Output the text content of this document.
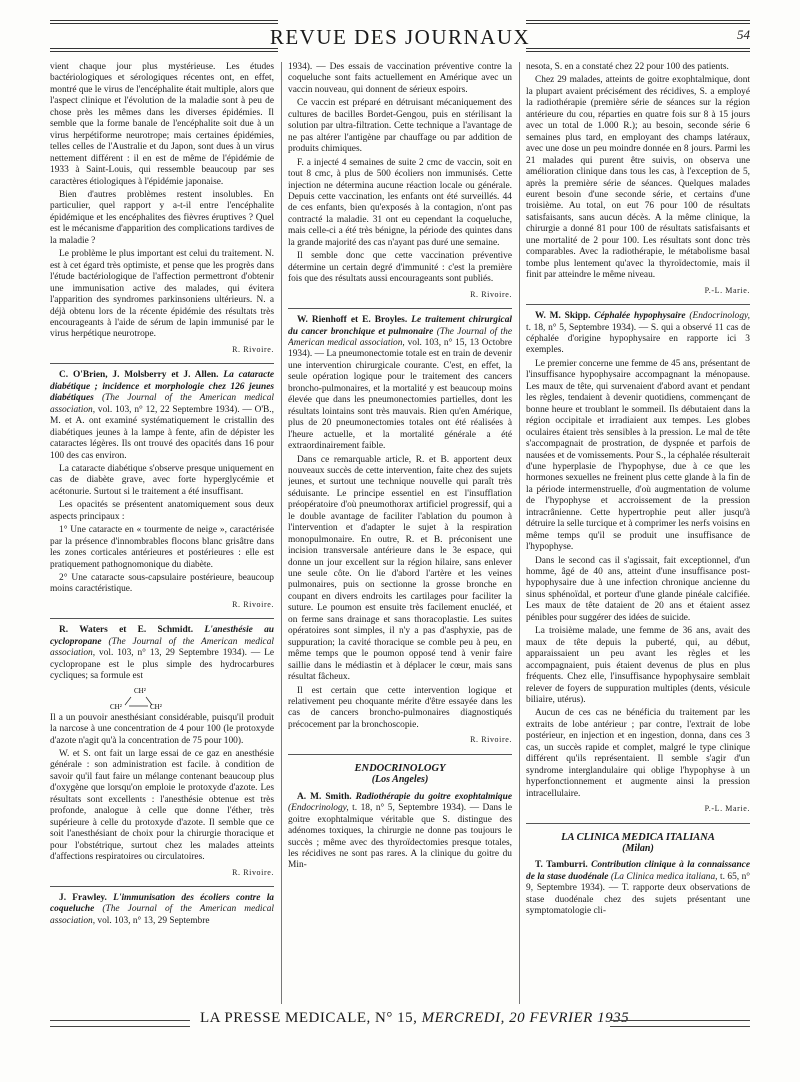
REVUE DES JOURNAUX	54

vient chaque jour plus mystérieuse. Les études bactériologiques et sérologiques récentes ont, en effet, montré que le virus de l'encéphalite était multiple, alors que l'aspect clinique et l'évolution de la maladie sont à peu de chose près les mêmes dans les diverses épidémies. Il semble que la forme banale de l'encéphalite soit due à un virus herpétiforme neurotrope; mais certaines épidémies, telles celles de l'Australie et du Japon, sont dues à un virus nettement différent : il en est de même de l'épidémie de 1933 à Saint-Louis, qui ressemble beaucoup par ses caractères étiologiques à l'épidémie japonaise.

Bien d'autres problèmes restent insolubles. En particulier, quel rapport y a-t-il entre l'encéphalite épidémique et les encéphalites des fièvres éruptives ? Quel est le mécanisme d'apparition des complications tardives de la maladie ?

Le problème le plus important est celui du traitement. N. est à cet égard très optimiste, et pense que les progrès dans l'étude bactériologique de l'affection permettront d'obtenir une immunisation active des malades, qui évitera l'apparition des syndromes parkinsoniens ultérieurs. N. a déjà obtenu lors de la récente épidémie des résultats très encourageants à l'aide de sérum de lapin immunisé par le virus herpétique neurotrope.

R. Rivoire.

C. O'Brien, J. Molsberry et J. Allen. La cataracte diabétique ; incidence et morphologie chez 126 jeunes diabétiques (The Journal of the American medical association, vol. 103, n° 12, 22 Septembre 1934). — O'B., M. et A. ont examiné systématiquement le cristallin des diabétiques jeunes à la lampe à fente, afin de dépister les cataractes légères. Ils ont trouvé des opacités dans 16 pour 100 des cas environ.

La cataracte diabétique s'observe presque uniquement en cas de diabète grave, avec forte hyperglycémie et acétonurie. Surtout si le traitement a été insuffisant.

Les opacités se présentent anatomiquement sous deux aspects principaux :

1° Une cataracte en « tourmente de neige », caractérisée par la présence d'innombrables flocons blanc grisâtre dans les zones corticales antérieures et postérieures : elle est pratiquement pathognomonique du diabète.

2° Une cataracte sous-capsulaire postérieure, beaucoup moins caractéristique.

R. Rivoire.

R. Waters et E. Schmidt. L'anesthésie au cyclopropane (The Journal of the American medical association, vol. 103, n° 13, 29 Septembre 1934). — Le cyclopropane est le plus simple des hydrocarbures cycliques; sa formule est

CH²
CH²	CH²

Il a un pouvoir anesthésiant considérable, puisqu'il produit la narcose à une concentration de 4 pour 100 (le protoxyde d'azote n'agit qu'à la concentration de 75 pour 100).

W. et S. ont fait un large essai de ce gaz en anesthésie générale : son administration est facile. à condition de savoir qu'il faut faire un mélange contenant beaucoup plus d'oxygène que lorsqu'on emploie le protoxyde d'azote. Les résultats sont excellents : l'anesthésie obtenue est très profonde, analogue à celle que donne l'éther, très supérieure à celle du protoxyde d'azote. Il semble que ce soit l'anesthésiant de choix pour la chirurgie thoracique et pour l'obstétrique, surtout chez les malades atteints d'affections respiratoires ou circulatoires.

R. Rivoire.

J. Frawley. L'immunisation des écoliers contre la coqueluche (The Journal of the American medical association, vol. 103, n° 13, 29 Septembre

1934). — Des essais de vaccination préventive contre la coqueluche sont faits actuellement en Amérique avec un vaccin nouveau, qui donnent de sérieux espoirs.

Ce vaccin est préparé en détruisant mécaniquement des cultures de bacilles Bordet-Gengou, puis en stérilisant la solution par ultra-filtration. Cette technique a l'avantage de ne pas altérer l'antigène par chauffage ou par addition de produits chimiques.

F. a injecté 4 semaines de suite 2 cmc de vaccin, soit en tout 8 cmc, à plus de 500 écoliers non immunisés. Cette injection ne détermina aucune réaction locale ou générale. Depuis cette vaccination, les enfants ont été surveillés. 44 de ces enfants, bien qu'exposés à la contagion, n'ont pas contracté la maladie. 31 ont eu cependant la coqueluche, mais celle-ci a été très bénigne, la période des quintes dans la grande majorité des cas n'ayant pas duré une semaine.

Il semble donc que cette vaccination préventive détermine un certain degré d'immunité : c'est la première fois que des résultats aussi encourageants sont publiés.

R. Rivoire.

W. Rienhoff et E. Broyles. Le traitement chirurgical du cancer bronchique et pulmonaire (The Journal of the American medical association, vol. 103, n° 15, 13 Octobre 1934). — La pneumonectomie totale est en train de devenir une intervention chirurgicale courante. C'est, en effet, la seule opération logique pour le traitement des cancers broncho-pulmonaires, et la mortalité y est beaucoup moins élevée que dans les pneumonectomies partielles, dont les résultats lointains sont très mauvais. Rien qu'en Amérique, plus de 20 pneumonectomies totales ont été réalisées à l'heure actuelle, et la mortalité générale a été extraordinairement faible.

Dans ce remarquable article, R. et B. apportent deux nouveaux succès de cette intervention, faite chez des sujets jeunes, et surtout une technique nouvelle qui paraît très séduisante. Le principe essentiel en est l'insufflation préopératoire d'où pneumothorax artificiel progressif, qui a le double avantage de faciliter l'ablation du poumon à l'intervention et d'adapter le sujet à la respiration monopulmonaire. En outre, R. et B. préconisent une incision transversale antérieure dans le 3e espace, qui donne un jour excellent sur la région hilaire, sans enlever une seule côte. On lie d'abord l'artère et les veines pulmonaires, puis on sectionne la grosse bronche en coupant en divers endroits les cartilages pour faciliter la suture. Le poumon est ensuite très facilement enucléé, et on ferme sans drainage et sans thoracoplastie. Les suites opératoires sont simples, il n'y a pas d'asphyxie, pas de suppuration; la cavité thoracique se comble peu à peu, en même temps que le poumon opposé tend à venir faire saillie dans le médiastin et à déplacer le cœur, mais sans résultat fâcheux.

Il est certain que cette intervention logique et relativement peu choquante mérite d'être essayée dans les cas de cancers broncho-pulmonaires diagnostiqués précocement par la bronchoscopie.

R. Rivoire.
ENDOCRINOLOGY
(Los Angeles)

A. M. Smith. Radiothérapie du goitre exophtalmique (Endocrinology, t. 18, n° 5, Septembre 1934). — Dans le goitre exophtalmique véritable que S. distingue des adénomes toxiques, la chirurgie ne donne pas toujours le succès ; même avec des thyroïdectomies presque totales, les récidives ne sont pas rares. A la clinique du goitre du Min-

nesota, S. en a constaté chez 22 pour 100 des patients.

Chez 29 malades, atteints de goitre exophtalmique, dont la plupart avaient précisément des récidives, S. a employé la radiothérapie (première série de séances sur la région antérieure du cou, réparties en quatre fois sur 8 à 15 jours avec un total de 1.000 R.); au besoin, seconde série 6 semaines plus tard, en employant des champs latéraux, avec une dose un peu moindre donnée en 8 jours. Parmi les 21 malades qui purent être suivis, on observa une amélioration clinique dans tous les cas, à l'exception de 5, après la première série de séances. Quelques malades eurent besoin d'une seconde série, et certains d'une troisième. Au total, on eut 76 pour 100 de résultats satisfaisants, sans aucun décès. A la même clinique, la chirurgie a donné 81 pour 100 de résultats satisfaisants et une mortalité de 2 pour 100. Les résultats sont donc très comparables. Avec la radiothérapie, le métabolisme basal tombe plus lentement qu'avec la thyroïdectomie, mais il finit par atteindre le même niveau.

P.-L. Marie.

W. M. Skipp. Céphalée hypophysaire (Endocrinology, t. 18, n° 5, Septembre 1934). — S. qui a observé 11 cas de céphalée d'origine hypophysaire en rapporte ici 3 exemples.

Le premier concerne une femme de 45 ans, présentant de l'insuffisance hypophysaire accompagnant la ménopause. Les maux de tête, qui survenaient d'abord avant et pendant les règles, tendaient à devenir quotidiens, commençant de bonne heure et troublant le sommeil. Ils débutaient dans la région occipitale et irradiaient aux tempes. Les globes oculaires étaient très sensibles à la pression. Le mal de tête s'accompagnait de prostration, de dyspnée et parfois de nausées et de vomissements. Pour S., la céphalée résulterait d'une hyperplasie de l'hypophyse, due à ce que les hormones sexuelles ne freinent plus cette glande à la fin de la période intermenstruelle, d'où augmentation de volume de l'hypophyse et accroissement de la pression intracrânienne. Cette hypertrophie peut aller jusqu'à détruire la selle turcique et à comprimer les nerfs voisins en même temps qu'il se produit une insuffisance de l'hypophyse.

Dans le second cas il s'agissait, fait exceptionnel, d'un homme, âgé de 40 ans, atteint d'une insuffisance post-hypophysaire due à une infection chronique ancienne du sinus sphénoïdal, et porteur d'une glande pinéale calcifiée. Les maux de tête dataient de 20 ans et étaient assez pénibles pour suggérer des idées de suicide.

La troisième malade, une femme de 36 ans, avait des maux de tête depuis la puberté, qui, au début, apparaissaient un peu avant les règles et les accompagnaient, puis étaient devenus de plus en plus fréquents. Chez elle, l'insuffisance hypophysaire semblait relever de foyers de suppuration multiples (dents, vésicule biliaire, utérus).

Aucun de ces cas ne bénéficia du traitement par les extraits de lobe antérieur ; par contre, l'extrait de lobe postérieur, en injection et en ingestion, donna, dans ces 3 cas, un succès rapide et complet, malgré le type clinique différent qu'ils représentaient. Il semble s'agir d'un syndrome interglandulaire qui oblige l'hypophyse à un hyperfonctionnement et augmente ainsi la pression intracellulaire.

P.-L. Marie.
LA CLINICA MEDICA ITALIANA
(Milan)

T. Tamburri. Contribution clinique à la connaissance de la stase duodénale (La Clinica medica italiana, t. 65, n° 9, Septembre 1934). — T. rapporte deux observations de stase duodénale chez des sujets présentant une symptomatologie cli-

LA PRESSE MEDICALE, N° 15, MERCREDI, 20 FEVRIER 1935
